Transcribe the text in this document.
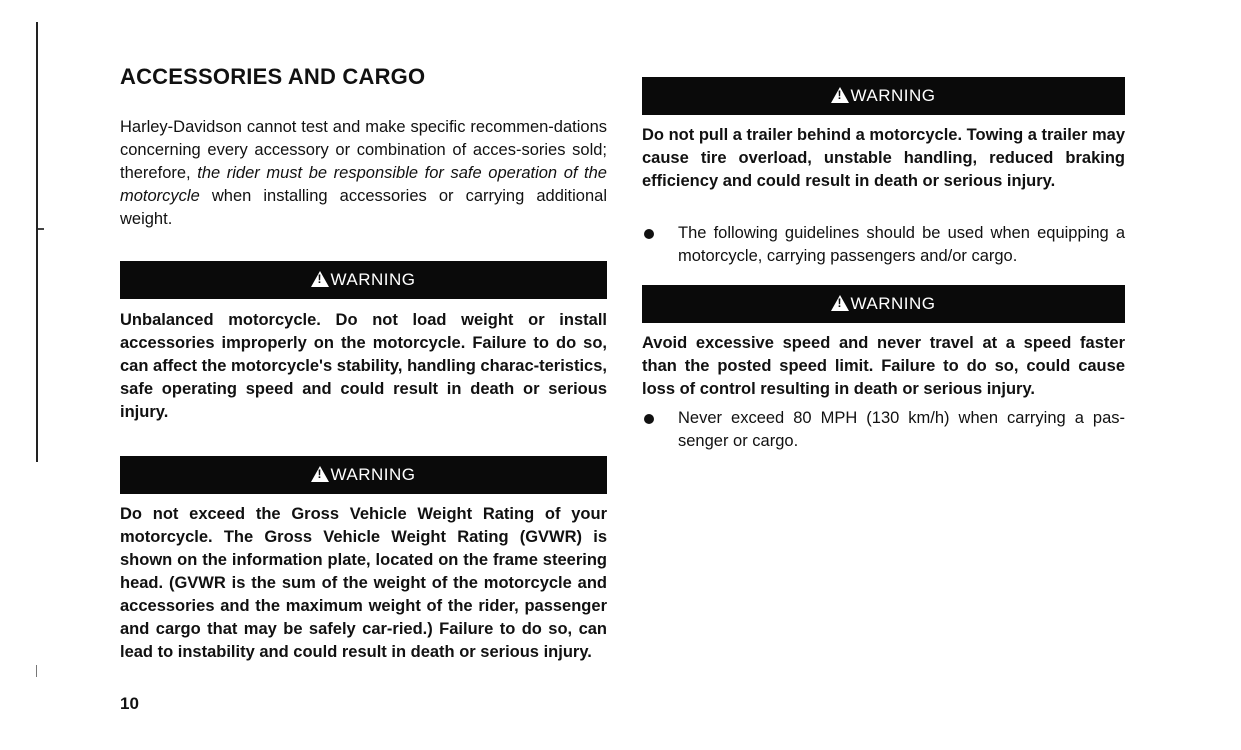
ACCESSORIES AND CARGO

Harley-Davidson cannot test and make specific recommen-dations concerning every accessory or combination of acces-sories sold; therefore, the rider must be responsible for safe operation of the motorcycle when installing accessories or carrying additional weight.

!
WARNING

Unbalanced motorcycle. Do not load weight or install accessories improperly on the motorcycle. Failure to do so, can affect the motorcycle's stability, handling charac-teristics, safe operating speed and could result in death or serious injury.

!
WARNING

Do not exceed the Gross Vehicle Weight Rating of your motorcycle. The Gross Vehicle Weight Rating (GVWR) is shown on the information plate, located on the frame steering head. (GVWR is the sum of the weight of the motorcycle and accessories and the maximum weight of the rider, passenger and cargo that may be safely car-ried.) Failure to do so, can lead to instability and could result in death or serious injury.

!
WARNING

Do not pull a trailer behind a motorcycle. Towing a trailer may cause tire overload, unstable handling, reduced braking efficiency and could result in death or serious injury.

The following guidelines should be used when equipping a motorcycle, carrying passengers and/or cargo.
!
WARNING

Avoid excessive speed and never travel at a speed faster than the posted speed limit. Failure to do so, could cause loss of control resulting in death or serious injury.

Never exceed 80 MPH (130 km/h) when carrying a pas-senger or cargo.

10
